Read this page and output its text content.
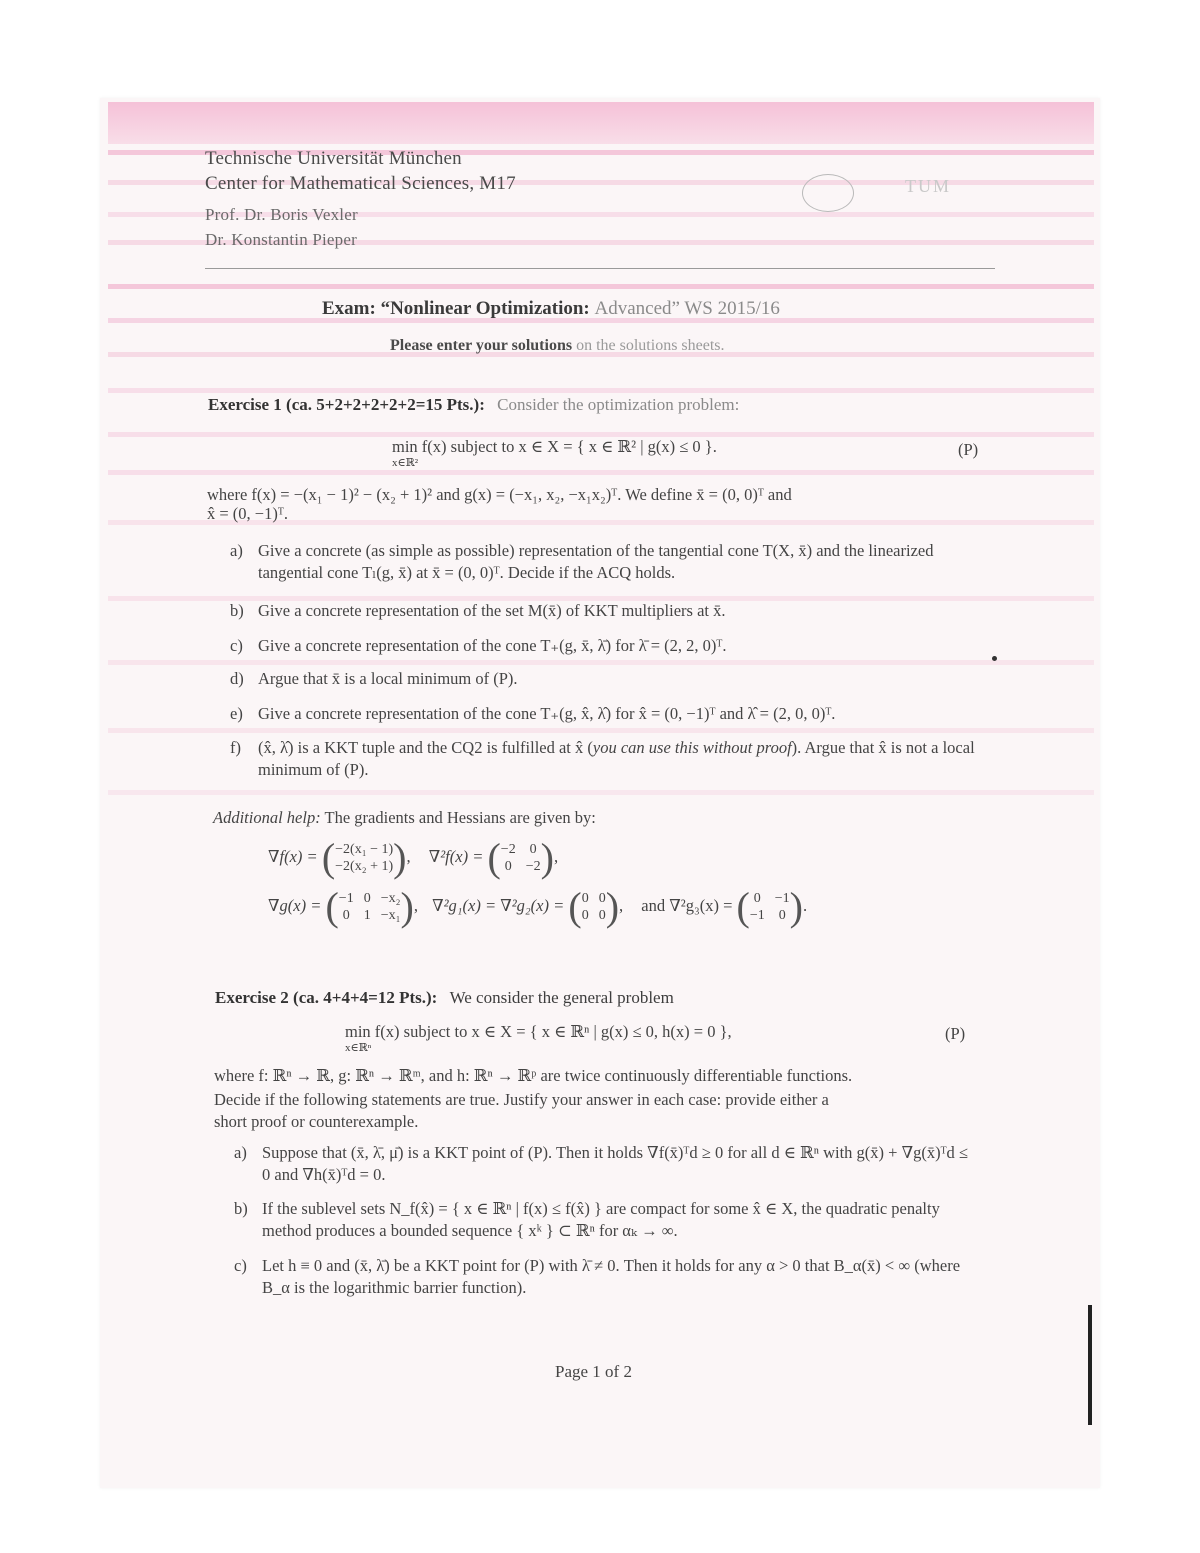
Technische Universität München
Center for Mathematical Sciences, M17
Prof. Dr. Boris Vexler
Dr. Konstantin Pieper
TUM
Exam: “Nonlinear Optimization: Advanced” WS 2015/16
Please enter your solutions on the solutions sheets.
Exercise 1 (ca. 5+2+2+2+2+2=15 Pts.): Consider the optimization problem:
min f(x) subject to x ∈ X = { x ∈ ℝ² | g(x) ≤ 0 }.
x∈ℝ²
(P)
where f(x) = −(x₁ − 1)² − (x₂ + 1)² and g(x) = (−x₁, x₂, −x₁x₂)ᵀ. We define x̄ = (0, 0)ᵀ and
x̂ = (0, −1)ᵀ.
a) Give a concrete (as simple as possible) representation of the tangential cone T(X, x̄) and the linearized tangential cone Tₗ(g, x̄) at x̄ = (0, 0)ᵀ. Decide if the ACQ holds.
b) Give a concrete representation of the set M(x̄) of KKT multipliers at x̄.
c) Give a concrete representation of the cone T₊(g, x̄, λ̄) for λ̄ = (2, 2, 0)ᵀ.
d) Argue that x̄ is a local minimum of (P).
e) Give a concrete representation of the cone T₊(g, x̂, λ̂) for x̂ = (0, −1)ᵀ and λ̂ = (2, 0, 0)ᵀ.
f) (x̂, λ̂) is a KKT tuple and the CQ2 is fulfilled at x̂ (you can use this without proof). Argue that x̂ is not a local minimum of (P).
Additional help: The gradients and Hessians are given by:
∇f(x) = ( −2(x₁ − 1)
−2(x₂ + 1) ) , ∇²f(x) = ( −2 0
0 −2 ) ,
∇g(x) = ( −1 0 −x₂
0 1 −x₁ ) , ∇²g₁(x) = ∇²g₂(x) = ( 0 0
0 0 ) , and ∇²g₃(x) = ( 0 −1
−1 0 ) .
Exercise 2 (ca. 4+4+4=12 Pts.): We consider the general problem
min f(x) subject to x ∈ X = { x ∈ ℝⁿ | g(x) ≤ 0, h(x) = 0 },
x∈ℝⁿ
(P)
where f: ℝⁿ → ℝ, g: ℝⁿ → ℝᵐ, and h: ℝⁿ → ℝᵖ are twice continuously differentiable functions.
Decide if the following statements are true. Justify your answer in each case: provide either a
short proof or counterexample.
a) Suppose that (x̄, λ̄, μ̄) is a KKT point of (P). Then it holds ∇f(x̄)ᵀd ≥ 0 for all d ∈ ℝⁿ with g(x̄) + ∇g(x̄)ᵀd ≤ 0 and ∇h(x̄)ᵀd = 0.
b) If the sublevel sets N_f(x̂) = { x ∈ ℝⁿ | f(x) ≤ f(x̂) } are compact for some x̂ ∈ X, the quadratic penalty method produces a bounded sequence { xᵏ } ⊂ ℝⁿ for αₖ → ∞.
c) Let h ≡ 0 and (x̄, λ̄) be a KKT point for (P) with λ̄ ≠ 0. Then it holds for any α > 0 that B_α(x̄) < ∞ (where B_α is the logarithmic barrier function).
Page 1 of 2
